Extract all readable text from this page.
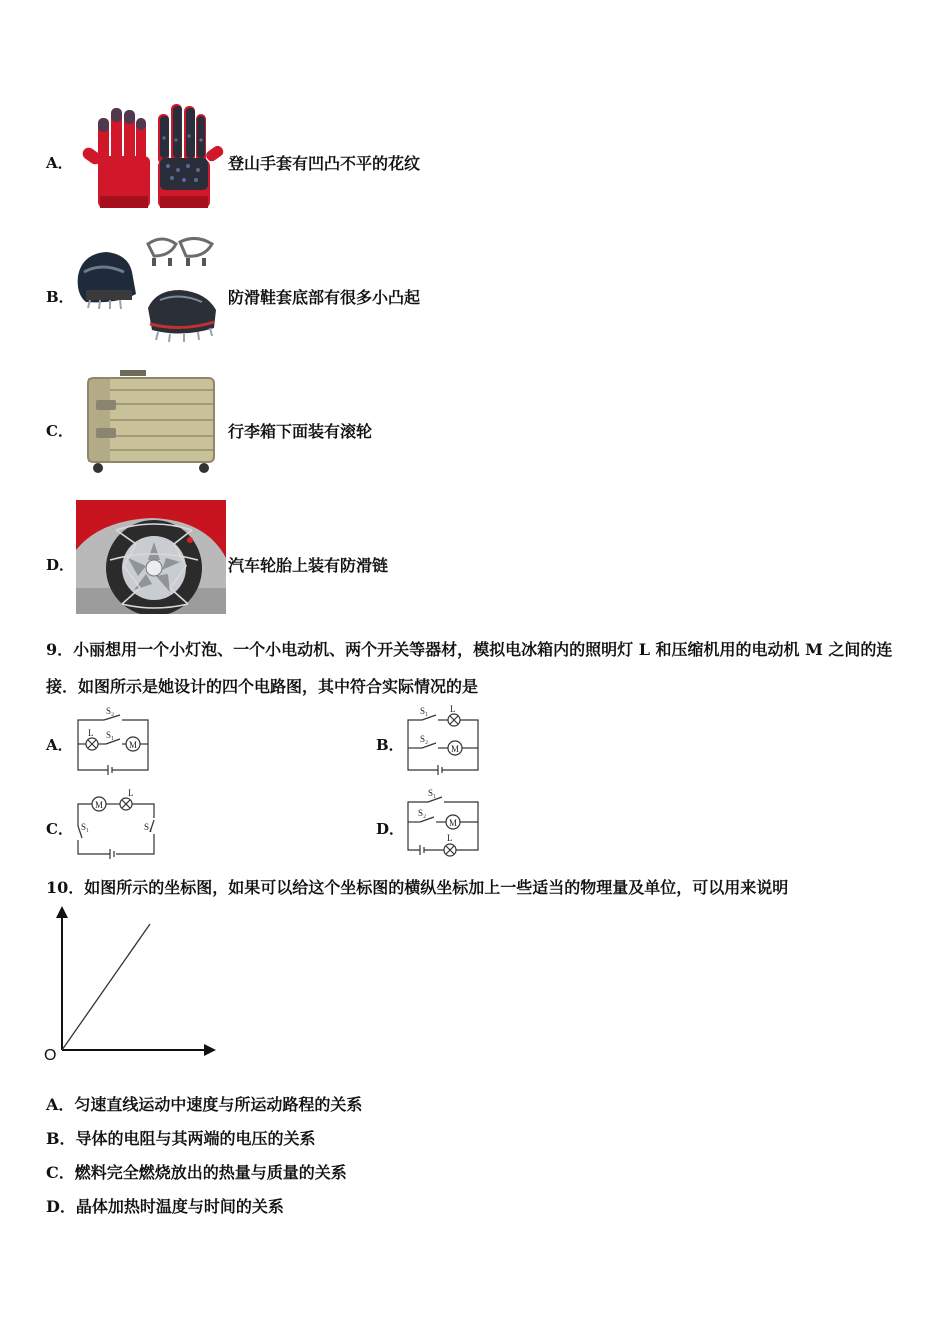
A．	登山手套有凹凸不平的花纹
B．	防滑鞋套底部有很多小凸起
C．	行李箱下面装有滚轮
D．	汽车轮胎上装有防滑链
9．小丽想用一个小灯泡、一个小电动机、两个开关等器材，模拟电冰箱内的照明灯 L 和压缩机用的电动机 M 之间的连
接．如图所示是她设计的四个电路图，其中符合实际情况的是
A．
S₂
L S₁
M	B．
S₁ L
S₂
M
C．
M
L
S₁	S₂	D．
S₁
S₂
M
L
10．如图所示的坐标图，如果可以给这个坐标图的横纵坐标加上一些适当的物理量及单位，可以用来说明
O
A．匀速直线运动中速度与所运动路程的关系
B．导体的电阻与其两端的电压的关系
C．燃料完全燃烧放出的热量与质量的关系
D．晶体加热时温度与时间的关系
